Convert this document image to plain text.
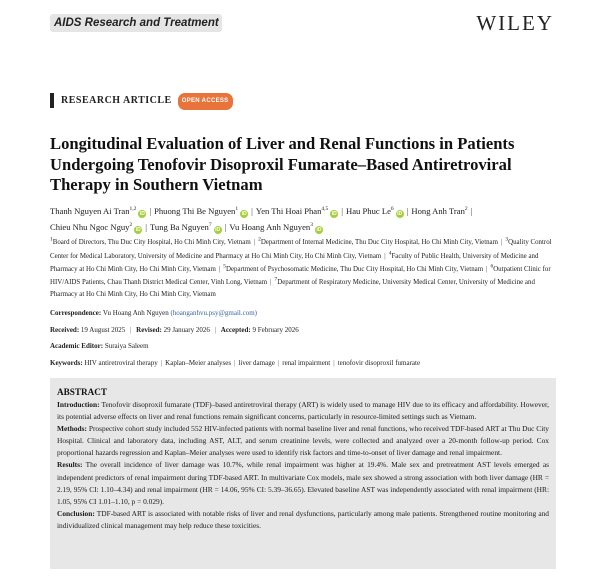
AIDS Research and Treatment	WILEY
RESEARCH ARTICLE OPEN ACCESS
Longitudinal Evaluation of Liver and Renal Functions in Patients Undergoing Tenofovir Disoproxil Fumarate–Based Antiretroviral Therapy in Southern Vietnam
Thanh Nguyen Ai Tran$^{1,2}$iD | Phuong Thi Be Nguyen$^1$iD | Yen Thi Hoai Phan$^{4,5}$iD | Hau Phuc Le$^6$iD | Hong Anh Tran$^2$ |
Chieu Nhu Ngoc Nguy$^2$iD | Tung Ba Nguyen$^7$iD | Vu Hoang Anh Nguyen$^3$iD
$^1$Board of Directors, Thu Duc City Hospital, Ho Chi Minh City, Vietnam | $^2$Department of Internal Medicine, Thu Duc City Hospital, Ho Chi Minh City, Vietnam | $^3$Quality Control Center for Medical Laboratory, University of Medicine and Pharmacy at Ho Chi Minh City, Ho Chi Minh City, Vietnam | $^4$Faculty of Public Health, University of Medicine and Pharmacy at Ho Chi Minh City, Ho Chi Minh City, Vietnam | $^5$Department of Psychosomatic Medicine, Thu Duc City Hospital, Ho Chi Minh City, Vietnam | $^6$Outpatient Clinic for HIV/AIDS Patients, Chau Thanh District Medical Center, Vinh Long, Vietnam | $^7$Department of Respiratory Medicine, University Medical Center, University of Medicine and Pharmacy at Ho Chi Minh City, Ho Chi Minh City, Vietnam
Correspondence: Vu Hoang Anh Nguyen (hoanganhvu.psy@gmail.com)
Received: 19 August 2025 | Revised: 29 January 2026 | Accepted: 9 February 2026
Academic Editor: Suraiya Saleem
Keywords: HIV antiretroviral therapy | Kaplan–Meier analyses | liver damage | renal impairment | tenofovir disoproxil fumarate
ABSTRACT

Introduction: Tenofovir disoproxil fumarate (TDF)–based antiretroviral therapy (ART) is widely used to manage HIV due to its efficacy and affordability. However, its potential adverse effects on liver and renal functions remain significant concerns, particularly in resource-limited settings such as Vietnam.

Methods: Prospective cohort study included 552 HIV-infected patients with normal baseline liver and renal functions, who received TDF-based ART at Thu Duc City Hospital. Clinical and laboratory data, including AST, ALT, and serum creatinine levels, were collected and analyzed over a 20-month follow-up period. Cox proportional hazards regression and Kaplan–Meier analyses were used to identify risk factors and time-to-onset of liver damage and renal impairment.

Results: The overall incidence of liver damage was 10.7%, while renal impairment was higher at 19.4%. Male sex and pretreatment AST levels emerged as independent predictors of renal impairment during TDF-based ART. In multivariate Cox models, male sex showed a strong association with both liver damage (HR = 2.19, 95% CI: 1.10–4.34) and renal impairment (HR = 14.06, 95% CI: 5.39–36.65). Elevated baseline AST was independently associated with renal impairment (HR: 1.05, 95% CI 1.01–1.10, p = 0.029).

Conclusion: TDF-based ART is associated with notable risks of liver and renal dysfunctions, particularly among male patients. Strengthened routine monitoring and individualized clinical management may help reduce these toxicities.
